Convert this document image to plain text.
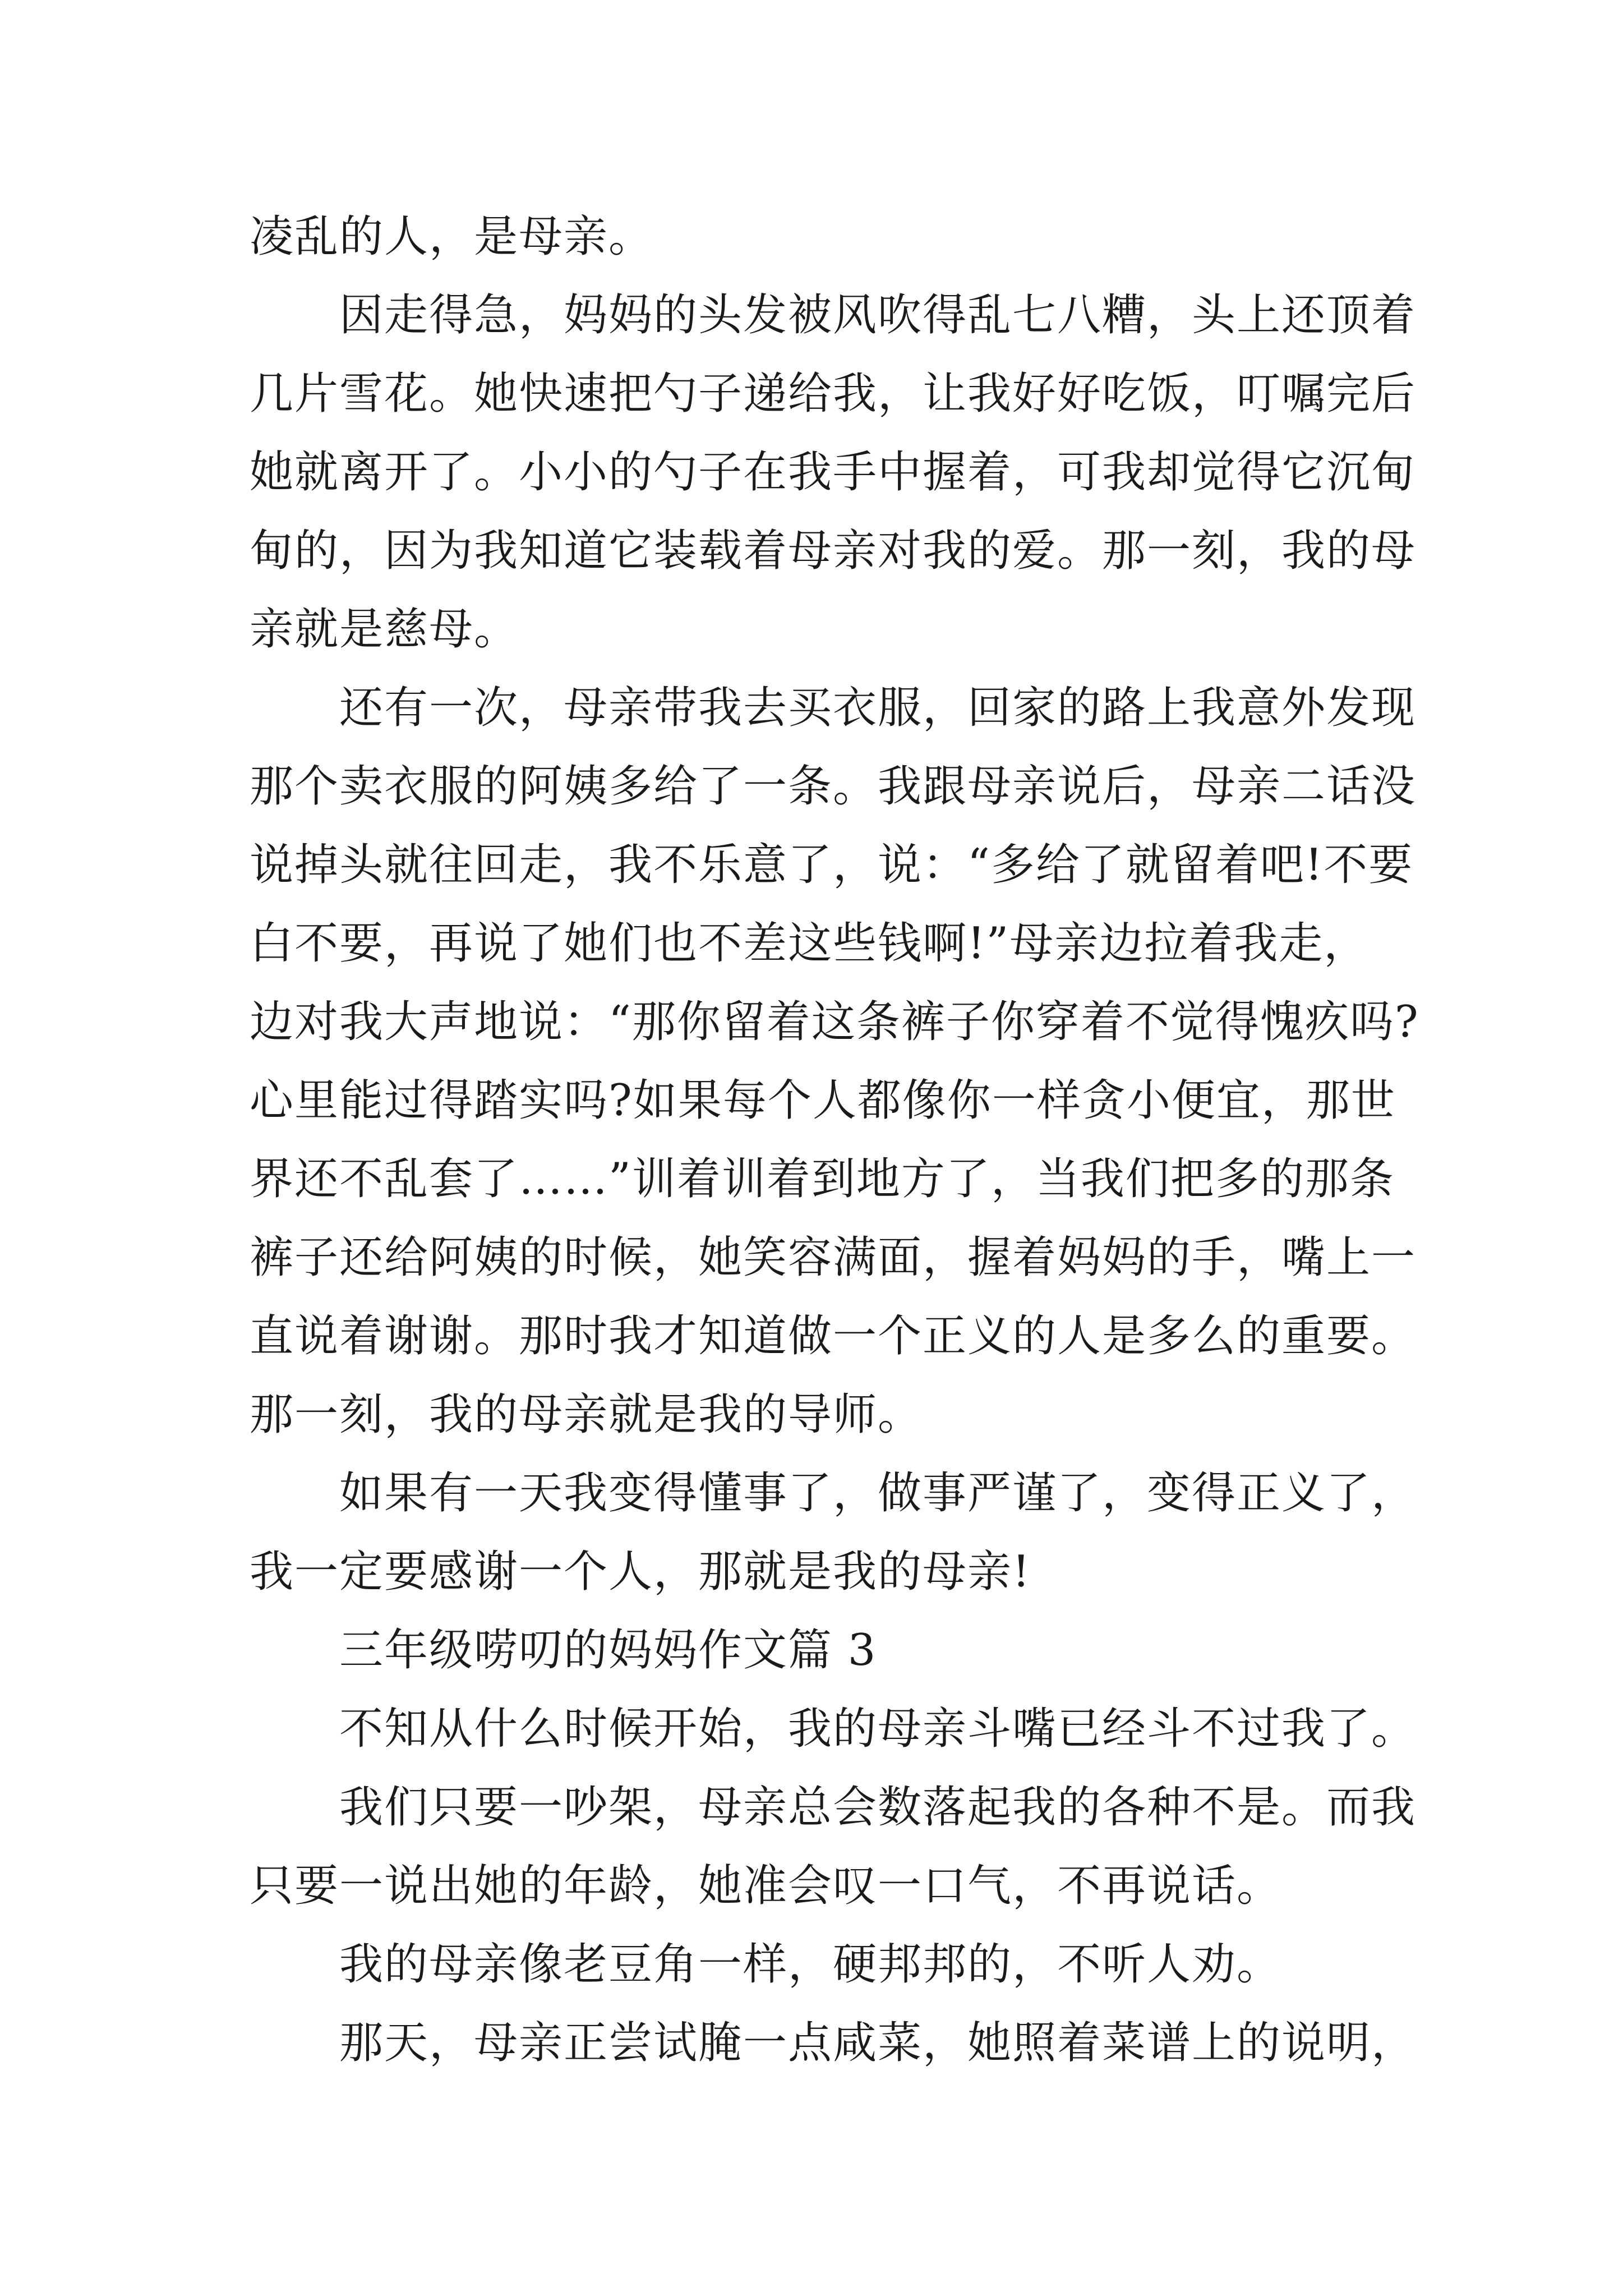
凌乱的人，是母亲。
因走得急，妈妈的头发被风吹得乱七八糟，头上还顶着
几片雪花。她快速把勺子递给我，让我好好吃饭，叮嘱完后
她就离开了。小小的勺子在我手中握着，可我却觉得它沉甸
甸的，因为我知道它装载着母亲对我的爱。那一刻，我的母
亲就是慈母。
还有一次，母亲带我去买衣服，回家的路上我意外发现
那个卖衣服的阿姨多给了一条。我跟母亲说后，母亲二话没
说掉头就往回走，我不乐意了，说：“多给了就留着吧!不要
白不要，再说了她们也不差这些钱啊!”母亲边拉着我走，
边对我大声地说：“那你留着这条裤子你穿着不觉得愧疚吗?
心里能过得踏实吗?如果每个人都像你一样贪小便宜，那世
界还不乱套了……”训着训着到地方了，当我们把多的那条
裤子还给阿姨的时候，她笑容满面，握着妈妈的手，嘴上一
直说着谢谢。那时我才知道做一个正义的人是多么的重要。
那一刻，我的母亲就是我的导师。
如果有一天我变得懂事了，做事严谨了，变得正义了，
我一定要感谢一个人，那就是我的母亲!
三年级唠叨的妈妈作文篇 3
不知从什么时候开始，我的母亲斗嘴已经斗不过我了。
我们只要一吵架，母亲总会数落起我的各种不是。而我
只要一说出她的年龄，她准会叹一口气，不再说话。
我的母亲像老豆角一样，硬邦邦的，不听人劝。
那天，母亲正尝试腌一点咸菜，她照着菜谱上的说明，
